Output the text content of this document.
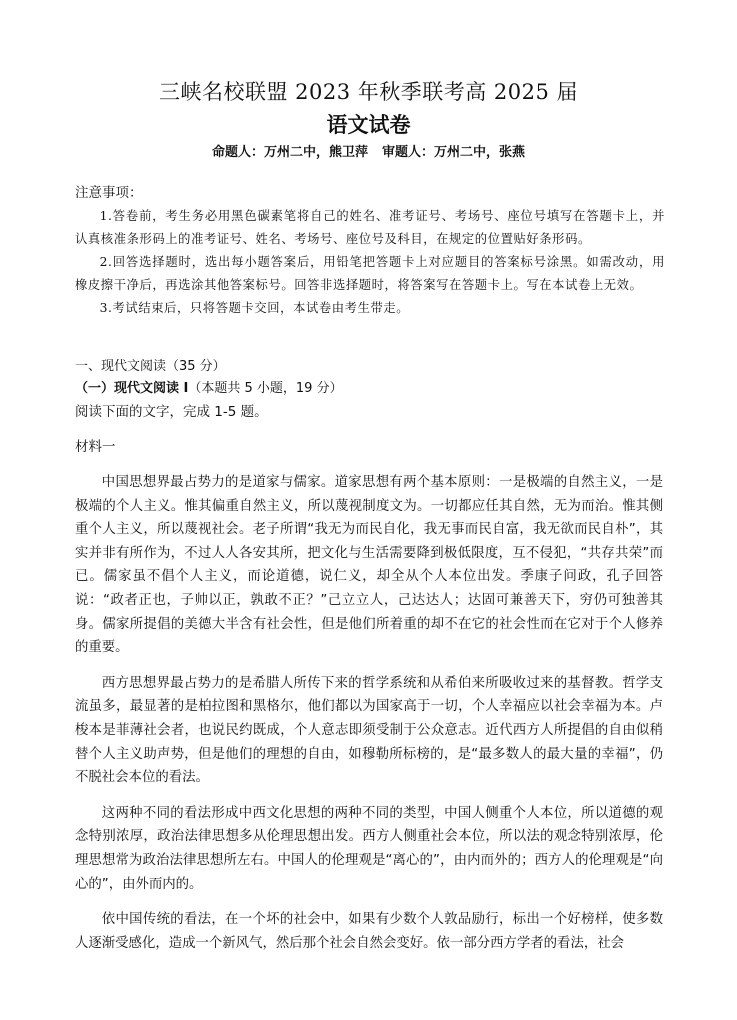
三峡名校联盟 2023 年秋季联考高 2025 届
语文试卷
命题人：万州二中，熊卫萍 审题人：万州二中，张燕
注意事项：

1.答卷前，考生务必用黑色碳素笔将自己的姓名、准考证号、考场号、座位号填写在答题卡上，并认真核准条形码上的准考证号、姓名、考场号、座位号及科目，在规定的位置贴好条形码。

2.回答选择题时，选出每小题答案后，用铅笔把答题卡上对应题目的答案标号涂黑。如需改动，用橡皮擦干净后，再选涂其他答案标号。回答非选择题时，将答案写在答题卡上。写在本试卷上无效。

3.考试结束后，只将答题卡交回，本试卷由考生带走。

一、现代文阅读（35 分）
（一）现代文阅读 I（本题共 5 小题，19 分）
阅读下面的文字，完成 1-5 题。
材料一

中国思想界最占势力的是道家与儒家。道家思想有两个基本原则：一是极端的自然主义，一是极端的个人主义。惟其偏重自然主义，所以蔑视制度文为。一切都应任其自然，无为而治。惟其侧重个人主义，所以蔑视社会。老子所谓“我无为而民自化，我无事而民自富，我无欲而民自朴”，其实并非有所作为，不过人人各安其所，把文化与生活需要降到极低限度，互不侵犯，“共存共荣”而已。儒家虽不倡个人主义，而论道德，说仁义，却全从个人本位出发。季康子问政，孔子回答说：“政者正也，子帅以正，孰敢不正？”己立立人，己达达人；达固可兼善天下，穷仍可独善其身。儒家所提倡的美德大半含有社会性，但是他们所着重的却不在它的社会性而在它对于个人修养的重要。

西方思想界最占势力的是希腊人所传下来的哲学系统和从希伯来所吸收过来的基督教。哲学支流虽多，最显著的是柏拉图和黑格尔，他们都以为国家高于一切，个人幸福应以社会幸福为本。卢梭本是菲薄社会者，也说民约既成，个人意志即须受制于公众意志。近代西方人所提倡的自由似稍替个人主义助声势，但是他们的理想的自由，如穆勒所标榜的，是“最多数人的最大量的幸福”，仍不脱社会本位的看法。

这两种不同的看法形成中西文化思想的两种不同的类型，中国人侧重个人本位，所以道德的观念特别浓厚，政治法律思想多从伦理思想出发。西方人侧重社会本位，所以法的观念特别浓厚，伦理思想常为政治法律思想所左右。中国人的伦理观是“离心的”，由内而外的；西方人的伦理观是“向心的”，由外而内的。

依中国传统的看法，在一个坏的社会中，如果有少数个人敦品励行，标出一个好榜样，使多数人逐渐受感化，造成一个新风气，然后那个社会自然会变好。依一部分西方学者的看法，社会
